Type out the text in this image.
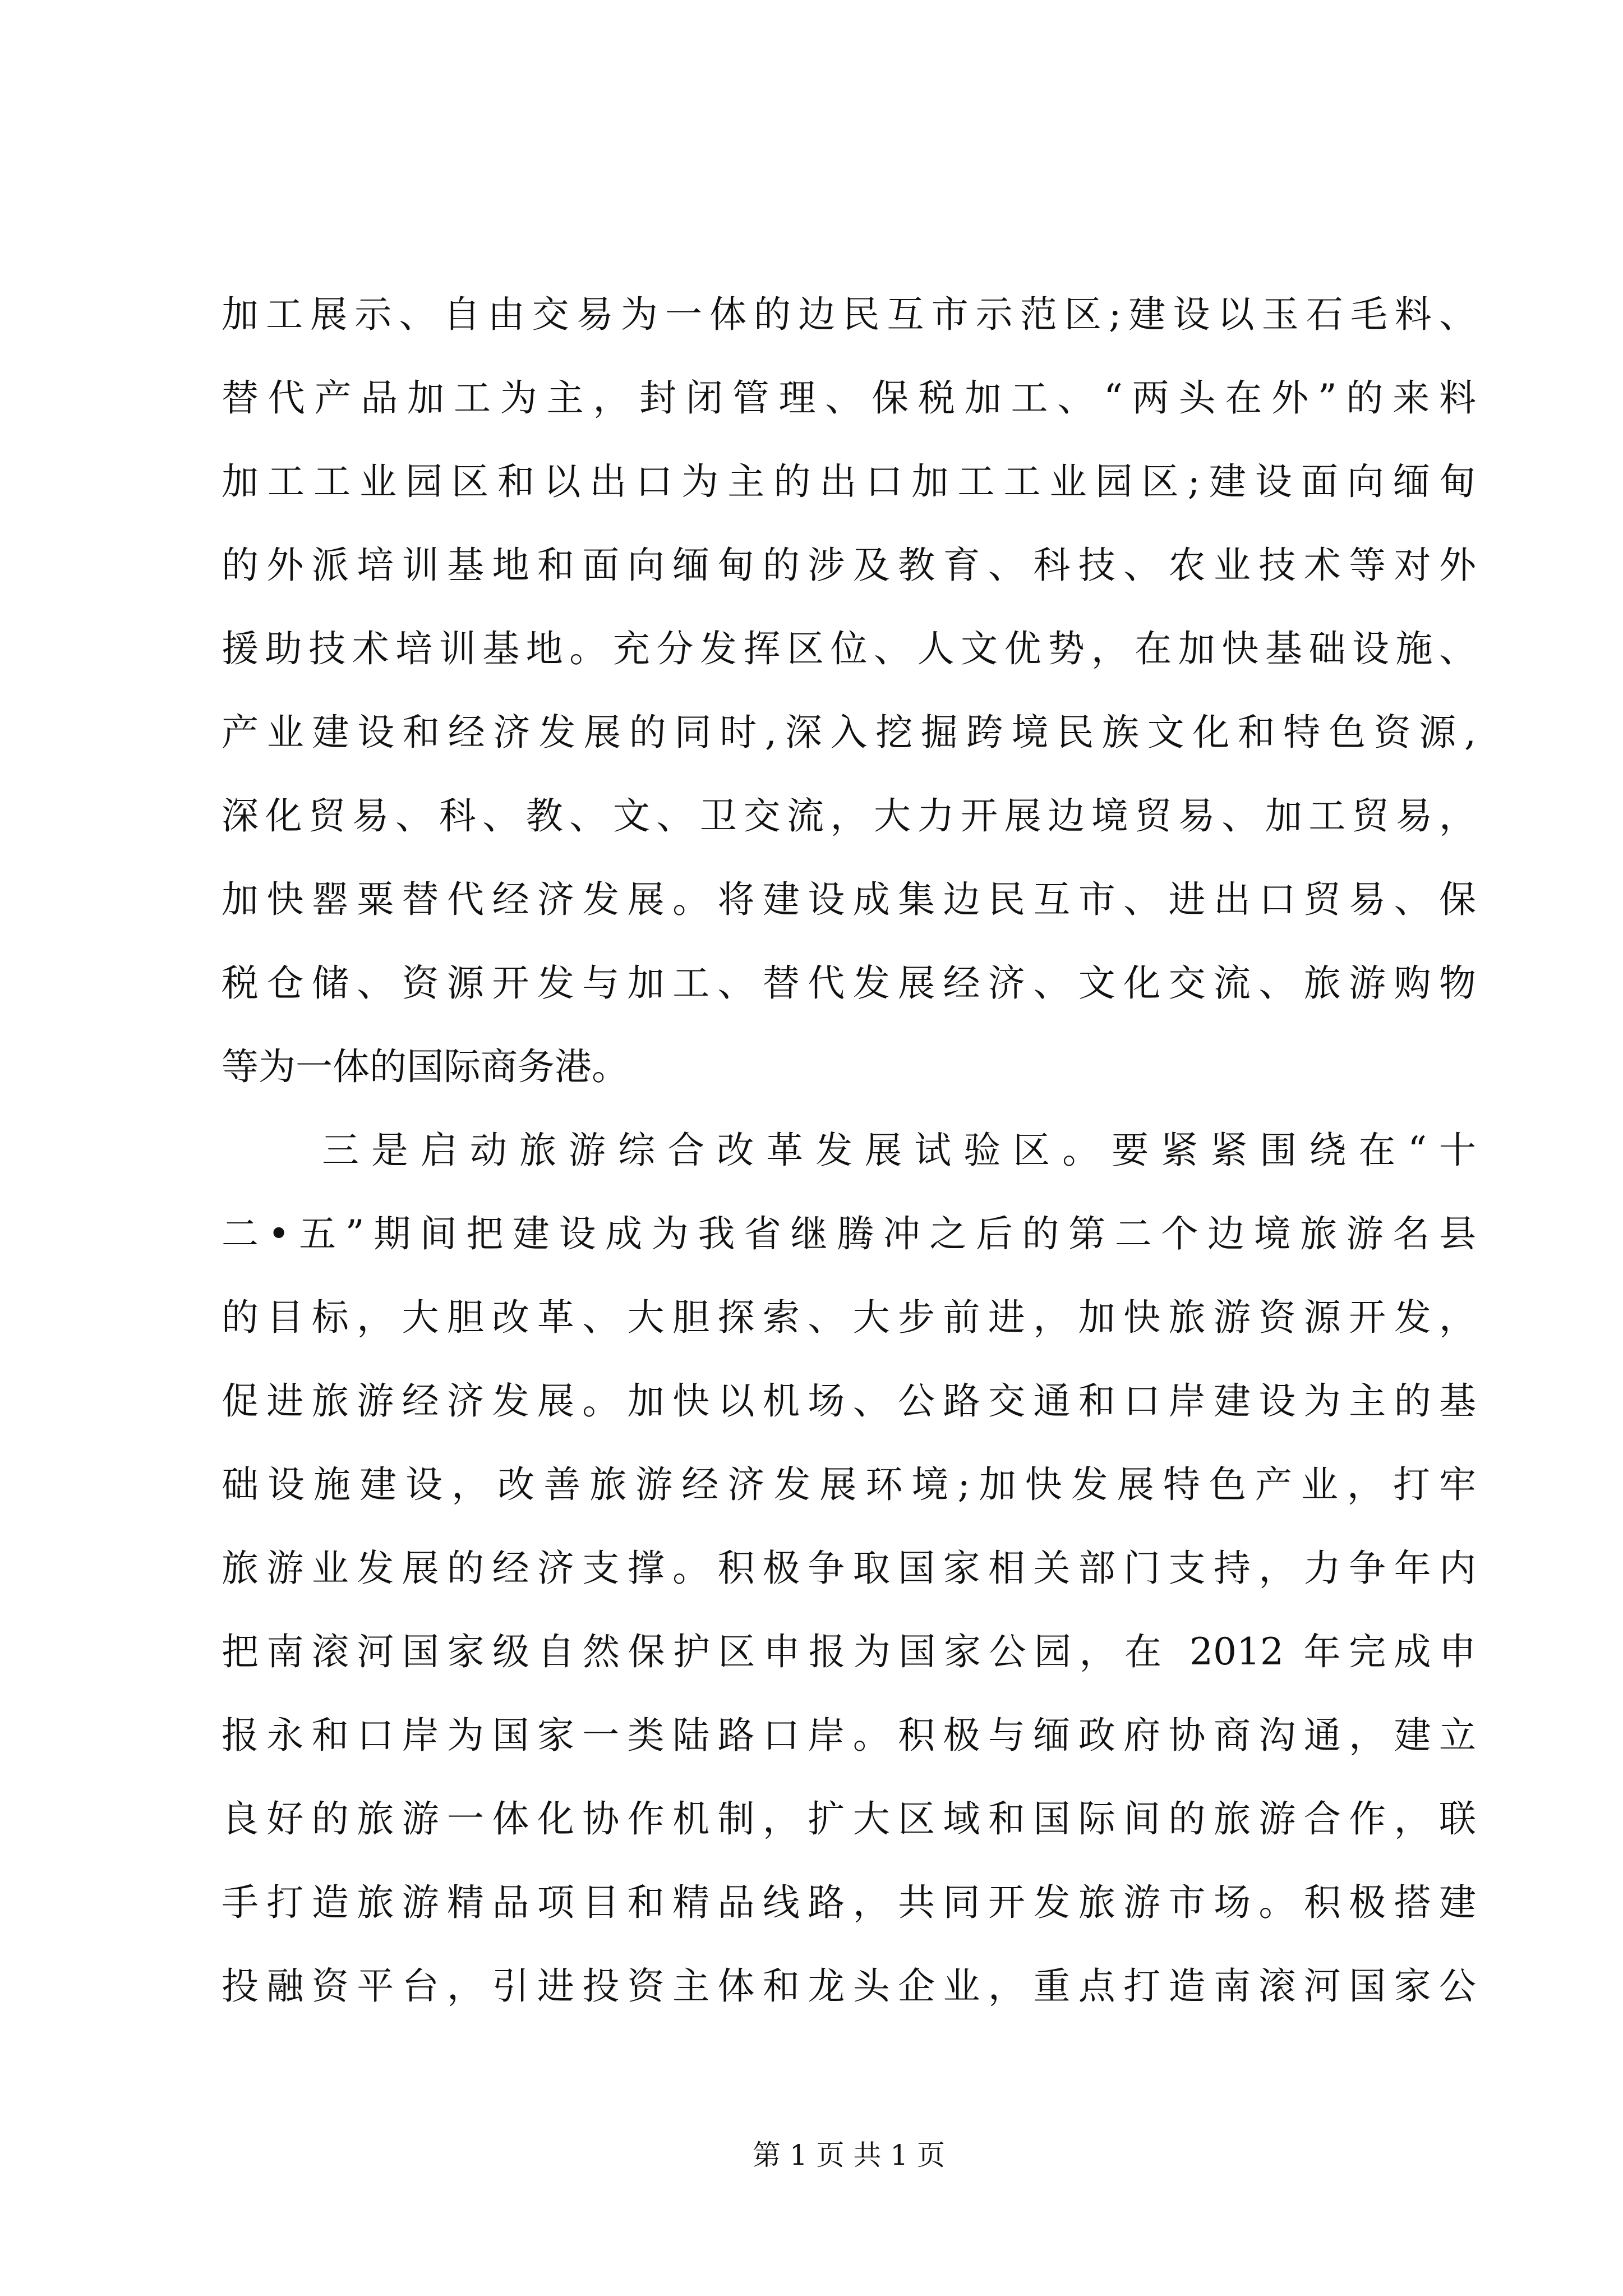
加工展示、自由交易为一体的边民互市示范区;建设以玉石毛料、
替代产品加工为主，封闭管理、保税加工、“两头在外”的来料
加工工业园区和以出口为主的出口加工工业园区;建设面向缅甸
的外派培训基地和面向缅甸的涉及教育、科技、农业技术等对外
援助技术培训基地。充分发挥区位、人文优势，在加快基础设施、
产业建设和经济发展的同时,深入挖掘跨境民族文化和特色资源,
深化贸易、科、教、文、卫交流，大力开展边境贸易、加工贸易，
加快罂粟替代经济发展。将建设成集边民互市、进出口贸易、保
税仓储、资源开发与加工、替代发展经济、文化交流、旅游购物
等为一体的国际商务港。
三是启动旅游综合改革发展试验区。要紧紧围绕在“十
二•五”期间把建设成为我省继腾冲之后的第二个边境旅游名县
的目标，大胆改革、大胆探索、大步前进，加快旅游资源开发，
促进旅游经济发展。加快以机场、公路交通和口岸建设为主的基
础设施建设，改善旅游经济发展环境;加快发展特色产业，打牢
旅游业发展的经济支撑。积极争取国家相关部门支持，力争年内
把南滚河国家级自然保护区申报为国家公园，在 2012 年完成申
报永和口岸为国家一类陆路口岸。积极与缅政府协商沟通，建立
良好的旅游一体化协作机制，扩大区域和国际间的旅游合作，联
手打造旅游精品项目和精品线路，共同开发旅游市场。积极搭建
投融资平台，引进投资主体和龙头企业，重点打造南滚河国家公
第 1 页 共 1 页
